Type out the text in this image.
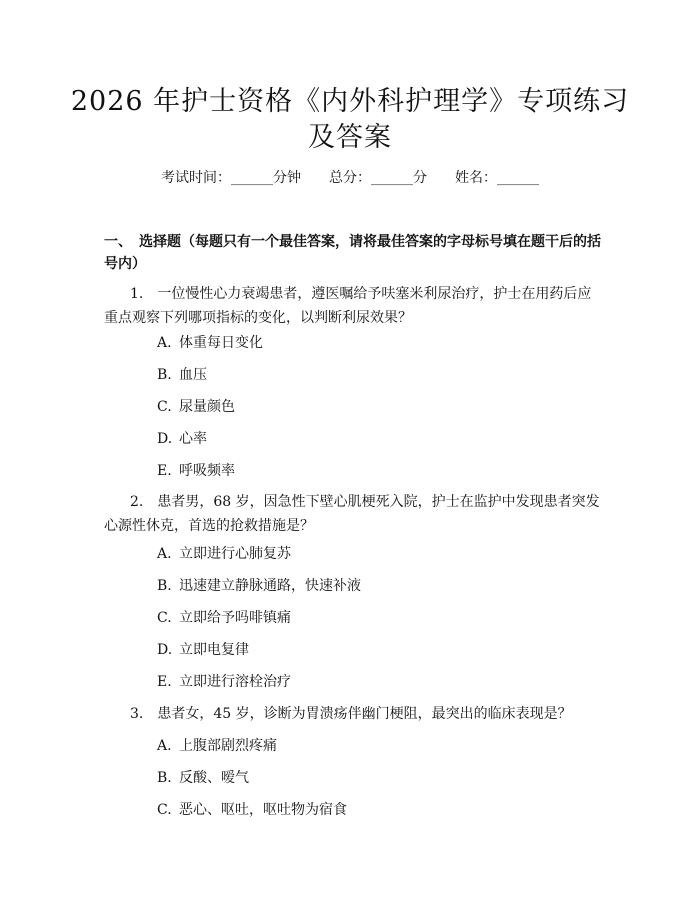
2026 年护士资格《内外科护理学》专项练习
及答案
考试时间：______分钟 总分：______分 姓名：______
一、　选择题（每题只有一个最佳答案，请将最佳答案的字母标号填在题干后的括
号内）
1.　一位慢性心力衰竭患者，遵医嘱给予呋塞米利尿治疗，护士在用药后应重点观察下列哪项指标的变化，以判断利尿效果？
A. 体重每日变化
B. 血压
C. 尿量颜色
D. 心率
E. 呼吸频率
2.　患者男，68 岁，因急性下壁心肌梗死入院，护士在监护中发现患者突发心源性休克，首选的抢救措施是？
A. 立即进行心肺复苏
B. 迅速建立静脉通路，快速补液
C. 立即给予吗啡镇痛
D. 立即电复律
E. 立即进行溶栓治疗
3.　患者女，45 岁，诊断为胃溃疡伴幽门梗阻，最突出的临床表现是？
A. 上腹部剧烈疼痛
B. 反酸、嗳气
C. 恶心、呕吐，呕吐物为宿食
